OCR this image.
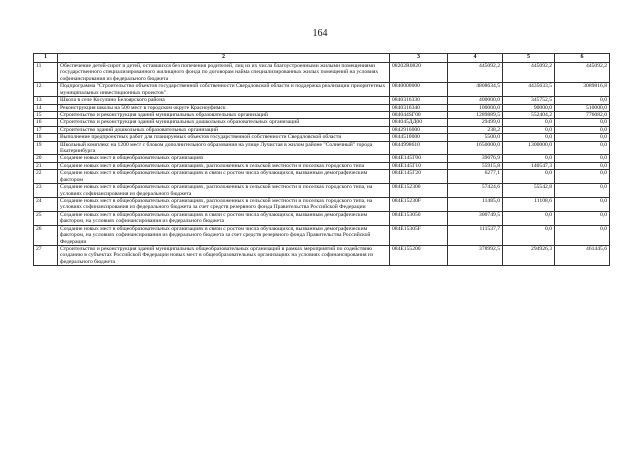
164
1	2	3	4	5	6
11	Обеспечение детей-сирот и детей, оставшихся без попечения родителей, лиц из их числа благоустроенными жилыми помещениями государственного специализированного жилищного фонда по договорам найма специализированных жилых помещений на условиях софинансирования из федерального бюджета	08202R0820	445092,2	445092,2	445092,2
12	Подпрограмма "Строительство объектов государственной собственности Свердловской области и поддержка реализации приоритетных муниципальных инвестиционных проектов"	0840000000	4808634,5	4435633,5	3089816,8
13	Школа в селе Косулино Белоярского района	0840316330	400000,0	345752,5	0,0
14	Реконструкция школы на 500 мест в городском округе Красноуфимск	0840316340	100000,0	90000,0	510000,0
15	Строительство и реконструкция зданий муниципальных образовательных организаций	084044SГ00	1289889,5	552404,2	776082,0
16	Строительство и реконструкция зданий муниципальных дошкольных образовательных организаций	084045ДД00	29499,0	0,0	0,0
17	Строительство зданий дошкольных образовательных организаций	0842916000	238,2	0,0	0,0
18	Выполнение предпроектных работ для планируемых объектов государственной собственности Свердловской области	0844510000	5500,0	0,0	0,0
19	Школьный комплекс на 1200 мест с блоком дополнительного образования на улице Лучистая в жилом районе "Солнечный" города Екатеринбурга	0844998610	1650000,0	1300000,0	0,0
20	Создание новых мест в общеобразовательных организациях	084E145Г00	39676,9	0,0	0,0
21	Создание новых мест в общеобразовательных организациях, расположенных в сельской местности и поселках городского типа	084E145Г10	55915,8	140547,3	0,0
22	Создание новых мест в общеобразовательных организациях в связи с ростом числа обучающихся, вызванным демографическим фактором	084E145Г20	6277,1	0,0	0,0
23	Создание новых мест в общеобразовательных организациях, расположенных в сельской местности и поселках городского типа, на условиях софинансирования из федерального бюджета	084E152300	57424,6	55542,8	0,0
24	Создание новых мест в общеобразовательных организациях, расположенных в сельской местности и поселках городского типа, на условиях софинансирования из федерального бюджета за счет средств резервного фонда Правительства Российской Федерации	084E15230F	11485,0	11108,6	0,0
25	Создание новых мест в общеобразовательных организациях в связи с ростом числа обучающихся, вызванным демографическим фактором, на условиях софинансирования из федерального бюджета	084E153050	300749,5	0,0	0,0
26	Создание новых мест в общеобразовательных организациях в связи с ростом числа обучающихся, вызванным демографическим фактором, на условиях софинансирования из федерального бюджета за счет средств резервного фонда Правительства Российской Федерации	084E15305F	111537,7	0,0	0,0
27	Строительство и реконструкция зданий муниципальных общеобразовательных организаций в рамках мероприятий по содействию созданию в субъектах Российской Федерации новых мест в общеобразовательных организациях на условиях софинансирования из федерального бюджета	084E155200	378992,5	294926,3	461445,6
